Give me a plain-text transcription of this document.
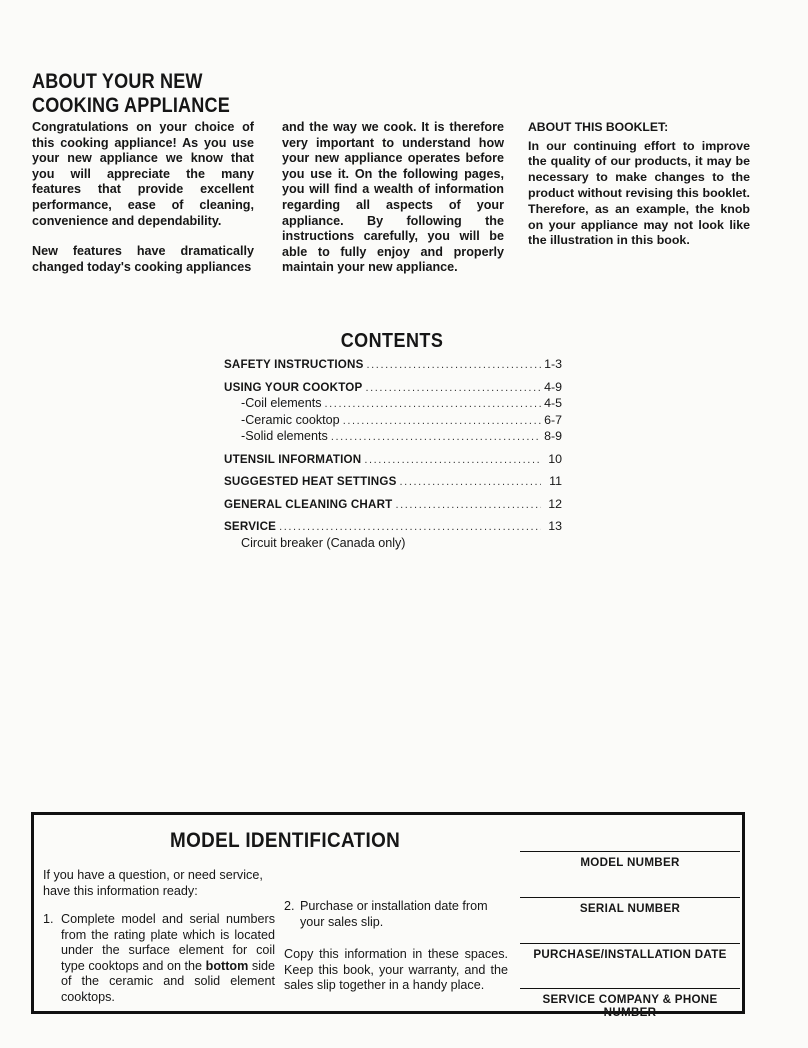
ABOUT YOUR NEW
COOKING APPLIANCE

Congratulations on your choice of this cooking appliance! As you use your new appliance we know that you will appreciate the many features that provide excellent performance, ease of cleaning, convenience and dependability.

New features have dramatically changed today's cooking appliances

and the way we cook. It is therefore very important to understand how your new appliance operates before you use it. On the following pages, you will find a wealth of information regarding all aspects of your appliance. By following the instructions carefully, you will be able to fully enjoy and properly maintain your new appliance.

ABOUT THIS BOOKLET:

In our continuing effort to improve the quality of our products, it may be necessary to make changes to the product without revising this booklet. Therefore, as an example, the knob on your appliance may not look like the illustration in this book.

CONTENTS
SAFETY INSTRUCTIONS .....	1-3
USING YOUR COOKTOP .....	4-9
-Coil elements .....	4-5
-Ceramic cooktop .....	6-7
-Solid elements .....	8-9
UTENSIL INFORMATION .....	10
SUGGESTED HEAT SETTINGS .....	11
GENERAL CLEANING CHART .....	12
SERVICE .....	13
Circuit breaker (Canada only)
MODEL IDENTIFICATION

If you have a question, or need service, have this information ready:

1. Complete model and serial numbers from the rating plate which is located under the surface element for coil type cooktops and on the bottom side of the ceramic and solid element cooktops.
2. Purchase or installation date from your sales slip.

Copy this information in these spaces. Keep this book, your warranty, and the sales slip together in a handy place.

MODEL NUMBER
SERIAL NUMBER
PURCHASE/INSTALLATION DATE
SERVICE COMPANY & PHONE NUMBER
